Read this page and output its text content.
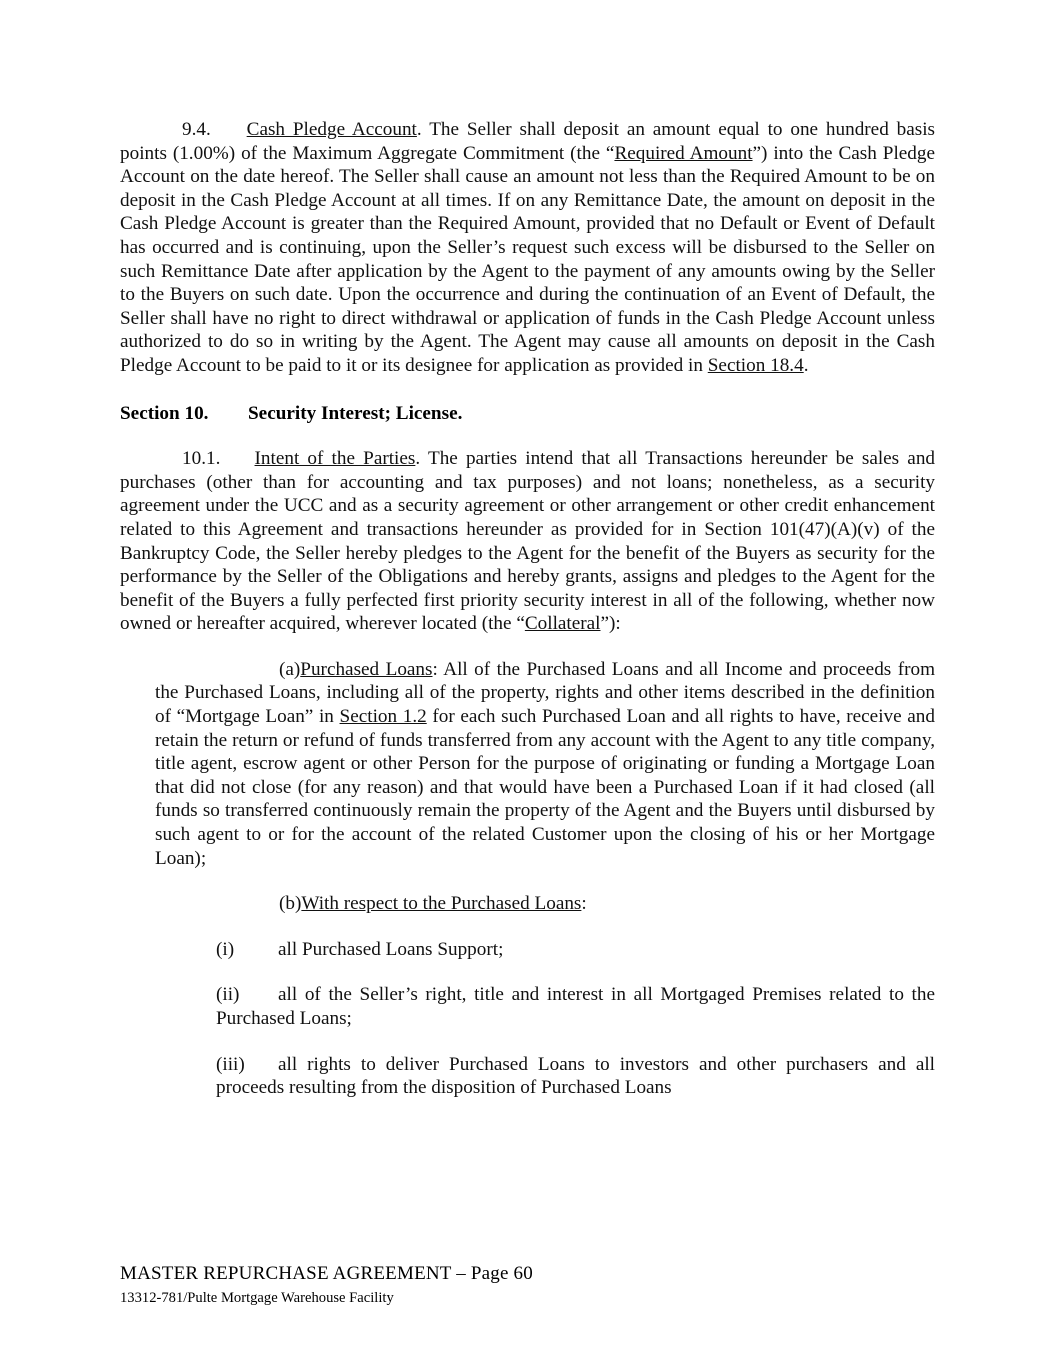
9.4. Cash Pledge Account. The Seller shall deposit an amount equal to one hundred basis points (1.00%) of the Maximum Aggregate Commitment (the “Required Amount”) into the Cash Pledge Account on the date hereof. The Seller shall cause an amount not less than the Required Amount to be on deposit in the Cash Pledge Account at all times. If on any Remittance Date, the amount on deposit in the Cash Pledge Account is greater than the Required Amount, provided that no Default or Event of Default has occurred and is continuing, upon the Seller’s request such excess will be disbursed to the Seller on such Remittance Date after application by the Agent to the payment of any amounts owing by the Seller to the Buyers on such date. Upon the occurrence and during the continuation of an Event of Default, the Seller shall have no right to direct withdrawal or application of funds in the Cash Pledge Account unless authorized to do so in writing by the Agent. The Agent may cause all amounts on deposit in the Cash Pledge Account to be paid to it or its designee for application as provided in Section 18.4.

Section 10. Security Interest; License.

10.1. Intent of the Parties. The parties intend that all Transactions hereunder be sales and purchases (other than for accounting and tax purposes) and not loans; nonetheless, as a security agreement under the UCC and as a security agreement or other arrangement or other credit enhancement related to this Agreement and transactions hereunder as provided for in Section 101(47)(A)(v) of the Bankruptcy Code, the Seller hereby pledges to the Agent for the benefit of the Buyers as security for the performance by the Seller of the Obligations and hereby grants, assigns and pledges to the Agent for the benefit of the Buyers a fully perfected first priority security interest in all of the following, whether now owned or hereafter acquired, wherever located (the “Collateral”):

(a)Purchased Loans: All of the Purchased Loans and all Income and proceeds from the Purchased Loans, including all of the property, rights and other items described in the definition of “Mortgage Loan” in Section 1.2 for each such Purchased Loan and all rights to have, receive and retain the return or refund of funds transferred from any account with the Agent to any title company, title agent, escrow agent or other Person for the purpose of originating or funding a Mortgage Loan that did not close (for any reason) and that would have been a Purchased Loan if it had closed (all funds so transferred continuously remain the property of the Agent and the Buyers until disbursed by such agent to or for the account of the related Customer upon the closing of his or her Mortgage Loan);

(b)With respect to the Purchased Loans:

(i) all Purchased Loans Support;

(ii) all of the Seller’s right, title and interest in all Mortgaged Premises related to the Purchased Loans;

(iii) all rights to deliver Purchased Loans to investors and other purchasers and all proceeds resulting from the disposition of Purchased Loans

MASTER REPURCHASE AGREEMENT – Page 60
13312-781/Pulte Mortgage Warehouse Facility
